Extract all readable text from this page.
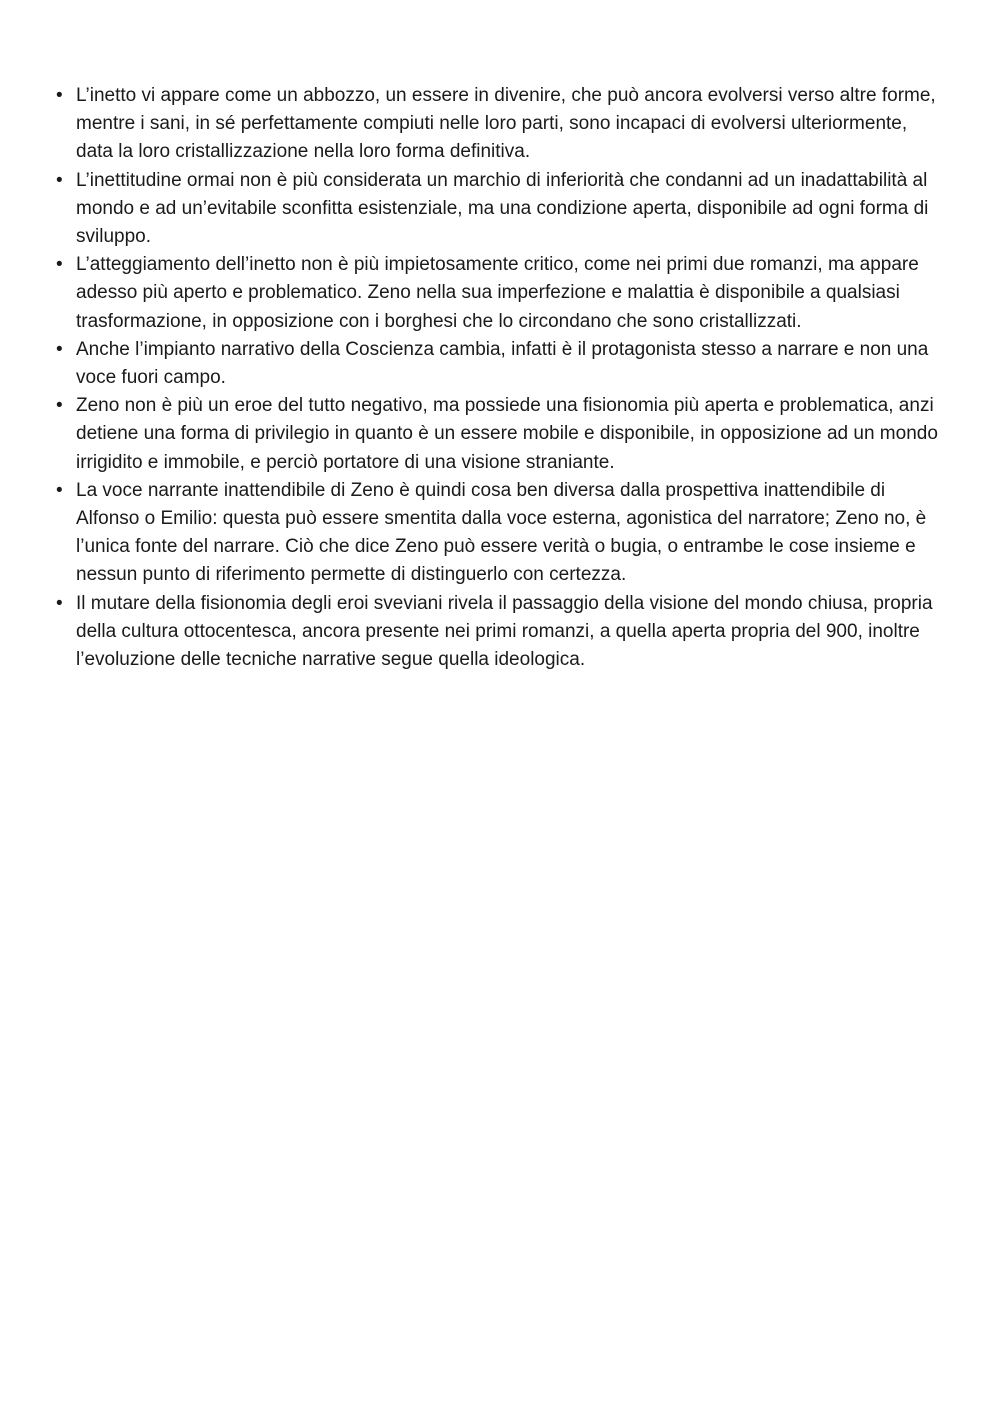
• L’inetto vi appare come un abbozzo, un essere in divenire, che può ancora evolversi verso altre forme, mentre i sani, in sé perfettamente compiuti nelle loro parti, sono incapaci di evolversi ulteriormente, data la loro cristallizzazione nella loro forma definitiva.
• L’inettitudine ormai non è più considerata un marchio di inferiorità che condanni ad un inadattabilità al mondo e ad un’evitabile sconfitta esistenziale, ma una condizione aperta, disponibile ad ogni forma di sviluppo.
• L’atteggiamento dell’inetto non è più impietosamente critico, come nei primi due romanzi, ma appare adesso più aperto e problematico. Zeno nella sua imperfezione e malattia è disponibile a qualsiasi trasformazione, in opposizione con i borghesi che lo circondano che sono cristallizzati.
• Anche l’impianto narrativo della Coscienza cambia, infatti è il protagonista stesso a narrare e non una voce fuori campo.
• Zeno non è più un eroe del tutto negativo, ma possiede una fisionomia più aperta e problematica, anzi detiene una forma di privilegio in quanto è un essere mobile e disponibile, in opposizione ad un mondo irrigidito e immobile, e perciò portatore di una visione straniante.
• La voce narrante inattendibile di Zeno è quindi cosa ben diversa dalla prospettiva inattendibile di Alfonso o Emilio: questa può essere smentita dalla voce esterna, agonistica del narratore; Zeno no, è l’unica fonte del narrare. Ciò che dice Zeno può essere verità o bugia, o entrambe le cose insieme e nessun punto di riferimento permette di distinguerlo con certezza.
• Il mutare della fisionomia degli eroi sveviani rivela il passaggio della visione del mondo chiusa, propria della cultura ottocentesca, ancora presente nei primi romanzi, a quella aperta propria del 900, inoltre l’evoluzione delle tecniche narrative segue quella ideologica.
